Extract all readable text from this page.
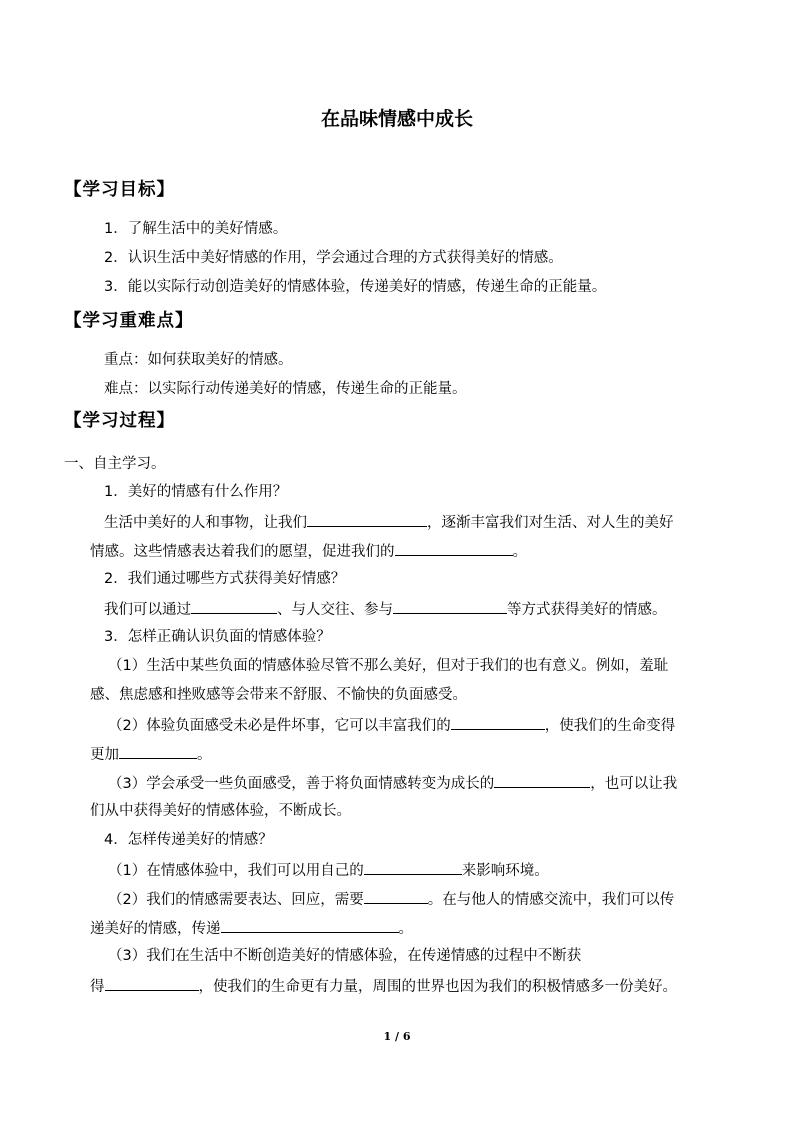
在品味情感中成长
【学习目标】
1．了解生活中的美好情感。
2．认识生活中美好情感的作用，学会通过合理的方式获得美好的情感。
3．能以实际行动创造美好的情感体验，传递美好的情感，传递生命的正能量。
【学习重难点】
重点：如何获取美好的情感。
难点：以实际行动传递美好的情感，传递生命的正能量。
【学习过程】
一、自主学习。
1．美好的情感有什么作用？
生活中美好的人和事物，让我们	，逐渐丰富我们对生活、对人生的美好
情感。这些情感表达着我们的愿望，促进我们的	。
2．我们通过哪些方式获得美好情感？
我们可以通过	、与人交往、参与	等方式获得美好的情感。
3．怎样正确认识负面的情感体验？
（1）生活中某些负面的情感体验尽管不那么美好，但对于我们的也有意义。例如，羞耻
感、焦虑感和挫败感等会带来不舒服、不愉快的负面感受。
（2）体验负面感受未必是件坏事，它可以丰富我们的	，使我们的生命变得
更加	。
（3）学会承受一些负面感受，善于将负面情感转变为成长的	，也可以让我
们从中获得美好的情感体验，不断成长。
4．怎样传递美好的情感？
（1）在情感体验中，我们可以用自己的	来影响环境。
（2）我们的情感需要表达、回应，需要	。在与他人的情感交流中，我们可以传
递美好的情感，传递	。
（3）我们在生活中不断创造美好的情感体验，在传递情感的过程中不断获
得	，使我们的生命更有力量，周围的世界也因为我们的积极情感多一份美好。
1 / 6
